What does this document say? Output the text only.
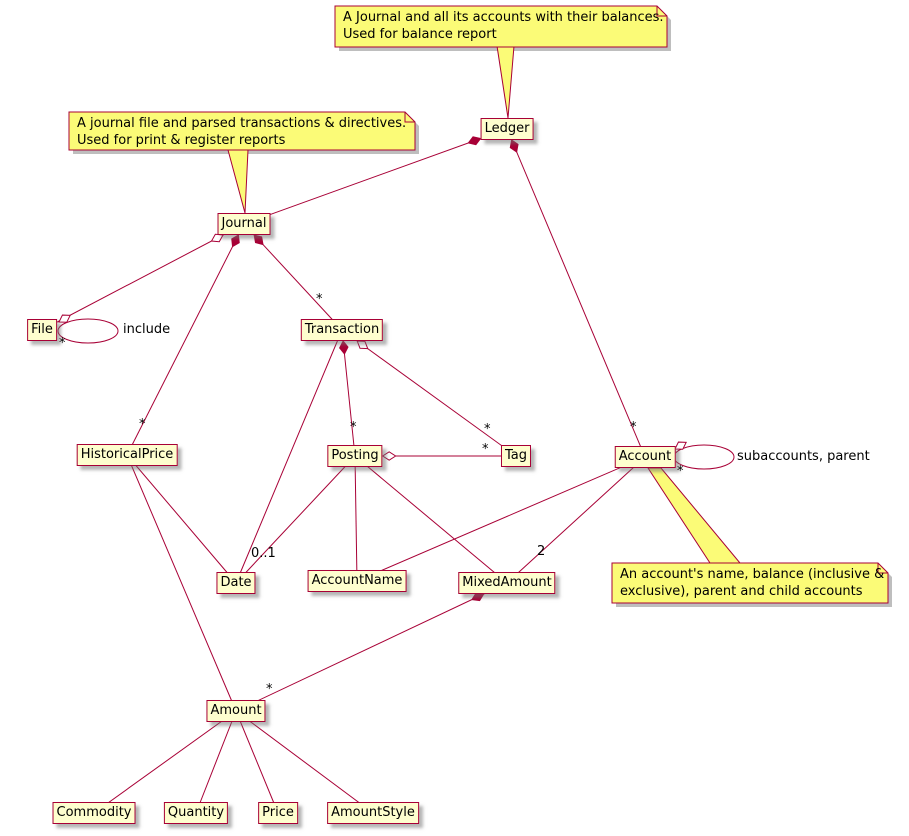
Ledger
Journal
File	Transaction
HistoricalPrice	Posting	Tag	Account
Date	AccountName	MixedAmount
Amount
Commodity	Quantity	Price	AmountStyle
*
*
*
*	*
*
0..1	2
*
include
*
subaccounts, parent
*
A Journal and all its accounts with their balances.
Used for balance report
A journal file and parsed transactions & directives.
Used for print & register reports
An account's name, balance (inclusive &
exclusive), parent and child accounts
